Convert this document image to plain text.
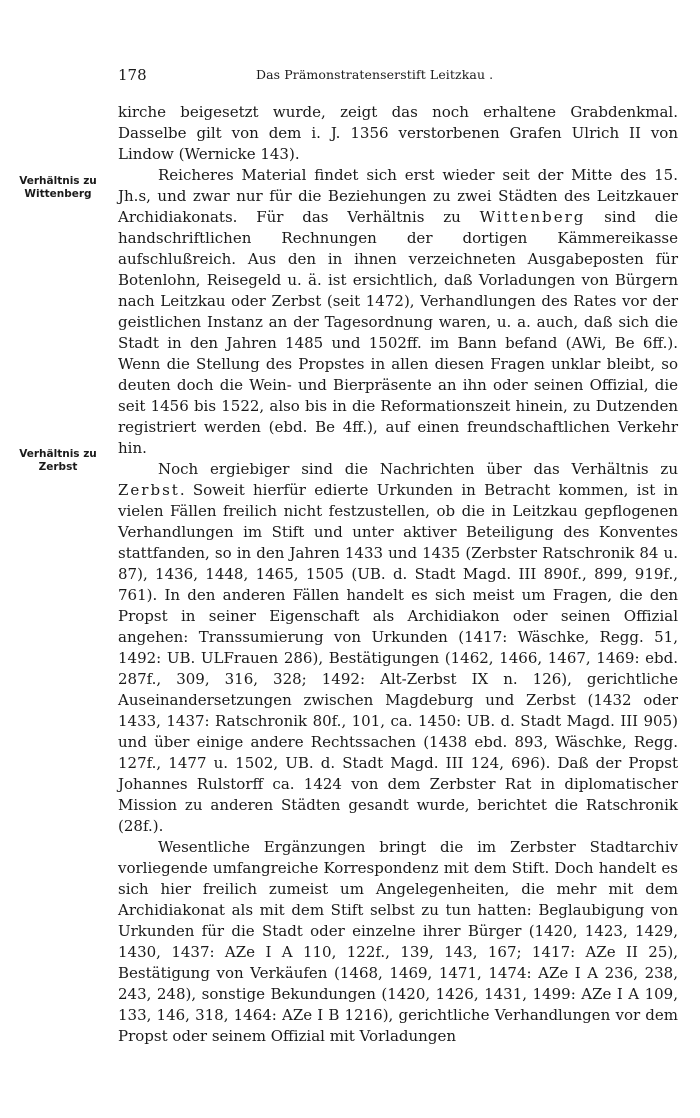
178	Das Prämonstratenserstift Leitzkau .
Verhältnis zu Wittenberg
Verhältnis zu Zerbst

kirche beigesetzt wurde, zeigt das noch erhaltene Grabdenkmal. Dasselbe gilt von dem i. J. 1356 verstorbenen Grafen Ulrich II von Lindow (Wernicke 143).

Reicheres Material findet sich erst wieder seit der Mitte des 15. Jh.s, und zwar nur für die Beziehungen zu zwei Städten des Leitzkauer Archidiakonats. Für das Verhältnis zu Wittenberg sind die handschriftlichen Rechnungen der dortigen Kämmereikasse aufschlußreich. Aus den in ihnen verzeichneten Ausgabeposten für Botenlohn, Reisegeld u. ä. ist ersichtlich, daß Vorladungen von Bürgern nach Leitzkau oder Zerbst (seit 1472), Verhandlungen des Rates vor der geistlichen Instanz an der Tagesordnung waren, u. a. auch, daß sich die Stadt in den Jahren 1485 und 1502ff. im Bann befand (AWi, Be 6ff.). Wenn die Stellung des Propstes in allen diesen Fragen unklar bleibt, so deuten doch die Wein- und Bierpräsente an ihn oder seinen Offizial, die seit 1456 bis 1522, also bis in die Reformationszeit hinein, zu Dutzenden registriert werden (ebd. Be 4ff.), auf einen freundschaftlichen Verkehr hin.

Noch ergiebiger sind die Nachrichten über das Verhältnis zu Zerbst. Soweit hierfür edierte Urkunden in Betracht kommen, ist in vielen Fällen freilich nicht festzustellen, ob die in Leitzkau gepflogenen Verhandlungen im Stift und unter aktiver Beteiligung des Konventes stattfanden, so in den Jahren 1433 und 1435 (Zerbster Ratschronik 84 u. 87), 1436, 1448, 1465, 1505 (UB. d. Stadt Magd. III 890f., 899, 919f., 761). In den anderen Fällen handelt es sich meist um Fragen, die den Propst in seiner Eigenschaft als Archidiakon oder seinen Offizial angehen: Transsumierung von Urkunden (1417: Wäschke, Regg. 51, 1492: UB. ULFrauen 286), Bestätigungen (1462, 1466, 1467, 1469: ebd. 287f., 309, 316, 328; 1492: Alt-Zerbst IX n. 126), gerichtliche Auseinandersetzungen zwischen Magdeburg und Zerbst (1432 oder 1433, 1437: Ratschronik 80f., 101, ca. 1450: UB. d. Stadt Magd. III 905) und über einige andere Rechtssachen (1438 ebd. 893, Wäschke, Regg. 127f., 1477 u. 1502, UB. d. Stadt Magd. III 124, 696). Daß der Propst Johannes Rulstorff ca. 1424 von dem Zerbster Rat in diplomatischer Mission zu anderen Städten gesandt wurde, berichtet die Ratschronik (28f.).

Wesentliche Ergänzungen bringt die im Zerbster Stadtarchiv vorliegende umfangreiche Korrespondenz mit dem Stift. Doch handelt es sich hier freilich zumeist um Angelegenheiten, die mehr mit dem Archidiakonat als mit dem Stift selbst zu tun hatten: Beglaubigung von Urkunden für die Stadt oder einzelne ihrer Bürger (1420, 1423, 1429, 1430, 1437: AZe I A 110, 122f., 139, 143, 167; 1417: AZe II 25), Bestätigung von Verkäufen (1468, 1469, 1471, 1474: AZe I A 236, 238, 243, 248), sonstige Bekundungen (1420, 1426, 1431, 1499: AZe I A 109, 133, 146, 318, 1464: AZe I B 1216), gerichtliche Verhandlungen vor dem Propst oder seinem Offizial mit Vorladungen
